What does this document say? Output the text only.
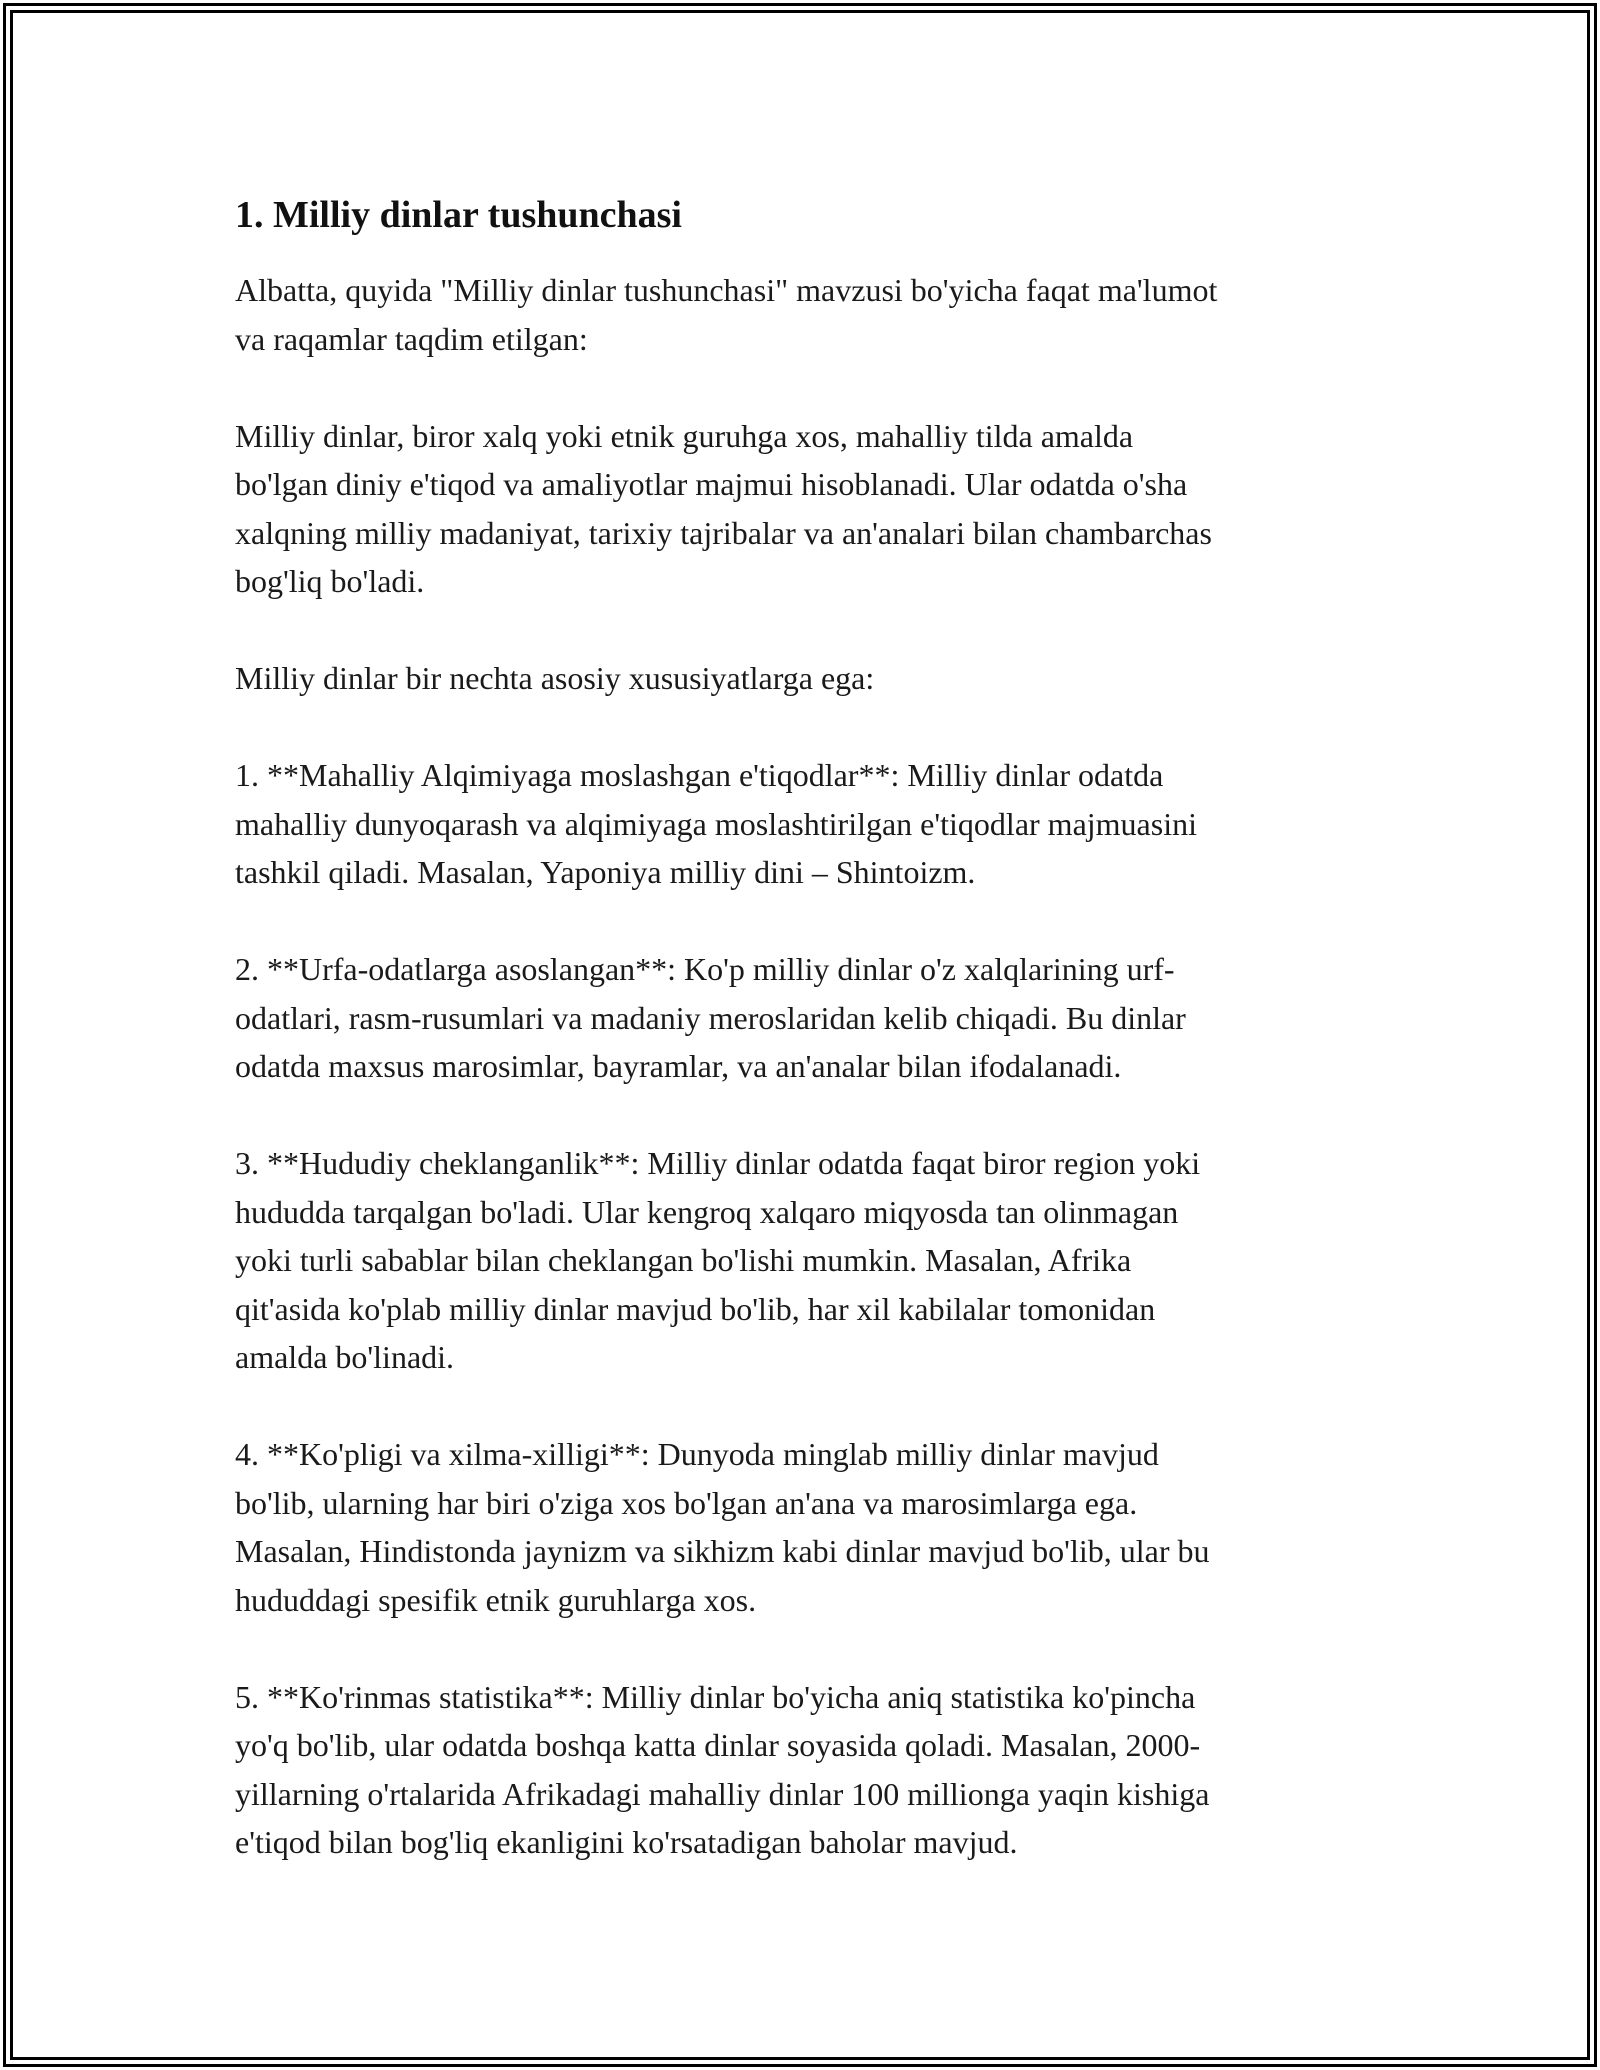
1. Milliy dinlar tushunchasi

Albatta, quyida "Milliy dinlar tushunchasi" mavzusi bo'yicha faqat ma'lumot
va raqamlar taqdim etilgan:

Milliy dinlar, biror xalq yoki etnik guruhga xos, mahalliy tilda amalda
bo'lgan diniy e'tiqod va amaliyotlar majmui hisoblanadi. Ular odatda o'sha
xalqning milliy madaniyat, tarixiy tajribalar va an'analari bilan chambarchas
bog'liq bo'ladi.

Milliy dinlar bir nechta asosiy xususiyatlarga ega:

1. **Mahalliy Alqimiyaga moslashgan e'tiqodlar**: Milliy dinlar odatda
mahalliy dunyoqarash va alqimiyaga moslashtirilgan e'tiqodlar majmuasini
tashkil qiladi. Masalan, Yaponiya milliy dini – Shintoizm.

2. **Urfa-odatlarga asoslangan**: Ko'p milliy dinlar o'z xalqlarining urf-
odatlari, rasm-rusumlari va madaniy meroslaridan kelib chiqadi. Bu dinlar
odatda maxsus marosimlar, bayramlar, va an'analar bilan ifodalanadi.

3. **Hududiy cheklanganlik**: Milliy dinlar odatda faqat biror region yoki
hududda tarqalgan bo'ladi. Ular kengroq xalqaro miqyosda tan olinmagan
yoki turli sabablar bilan cheklangan bo'lishi mumkin. Masalan, Afrika
qit'asida ko'plab milliy dinlar mavjud bo'lib, har xil kabilalar tomonidan
amalda bo'linadi.

4. **Ko'pligi va xilma-xilligi**: Dunyoda minglab milliy dinlar mavjud
bo'lib, ularning har biri o'ziga xos bo'lgan an'ana va marosimlarga ega.
Masalan, Hindistonda jaynizm va sikhizm kabi dinlar mavjud bo'lib, ular bu
hududdagi spesifik etnik guruhlarga xos.

5. **Ko'rinmas statistika**: Milliy dinlar bo'yicha aniq statistika ko'pincha
yo'q bo'lib, ular odatda boshqa katta dinlar soyasida qoladi. Masalan, 2000-
yillarning o'rtalarida Afrikadagi mahalliy dinlar 100 millionga yaqin kishiga
e'tiqod bilan bog'liq ekanligini ko'rsatadigan baholar mavjud.
